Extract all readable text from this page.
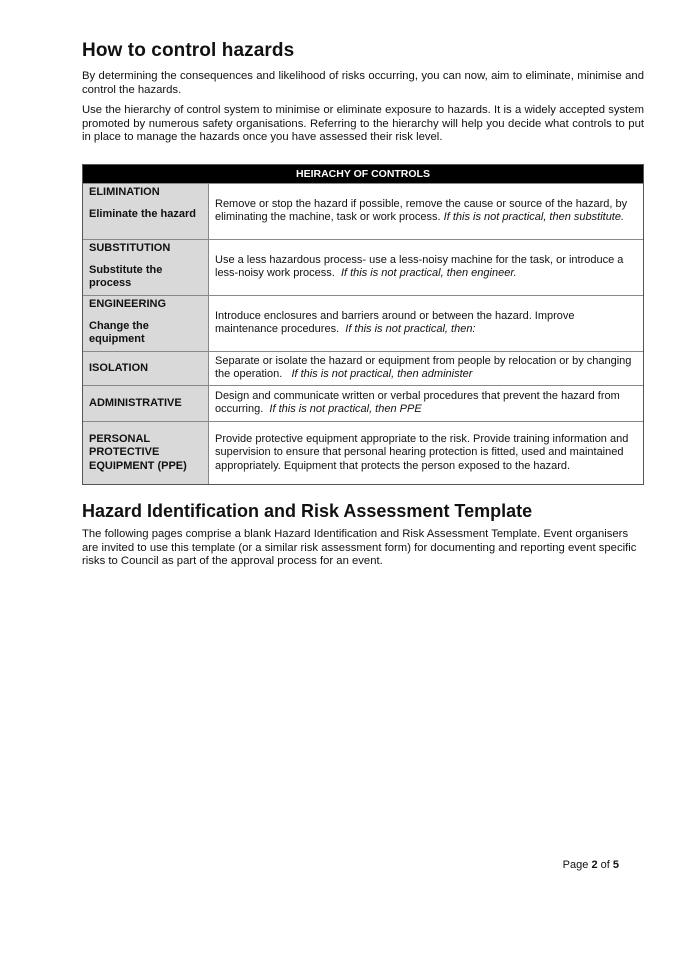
How to control hazards

By determining the consequences and likelihood of risks occurring, you can now, aim to eliminate, minimise and control the hazards.

Use the hierarchy of control system to minimise or eliminate exposure to hazards. It is a widely accepted system promoted by numerous safety organisations. Referring to the hierarchy will help you decide what controls to put in place to manage the hazards once you have assessed their risk level.

HEIRACHY OF CONTROLS
ELIMINATION
Eliminate the hazard
Remove or stop the hazard if possible, remove the cause or source of the hazard, by eliminating the machine, task or work process. If this is not practical, then substitute.
SUBSTITUTION
Substitute the process
Use a less hazardous process- use a less-noisy machine for the task, or introduce a less-noisy work process. If this is not practical, then engineer.
ENGINEERING
Change the equipment
Introduce enclosures and barriers around or between the hazard. Improve maintenance procedures. If this is not practical, then:
ISOLATION
Separate or isolate the hazard or equipment from people by relocation or by changing the operation. If this is not practical, then administer
ADMINISTRATIVE
Design and communicate written or verbal procedures that prevent the hazard from occurring. If this is not practical, then PPE
PERSONAL PROTECTIVE EQUIPMENT (PPE)
Provide protective equipment appropriate to the risk. Provide training information and supervision to ensure that personal hearing protection is fitted, used and maintained appropriately. Equipment that protects the person exposed to the hazard.
Hazard Identification and Risk Assessment Template

The following pages comprise a blank Hazard Identification and Risk Assessment Template. Event organisers are invited to use this template (or a similar risk assessment form) for documenting and reporting event specific risks to Council as part of the approval process for an event.

Page 2 of 5
